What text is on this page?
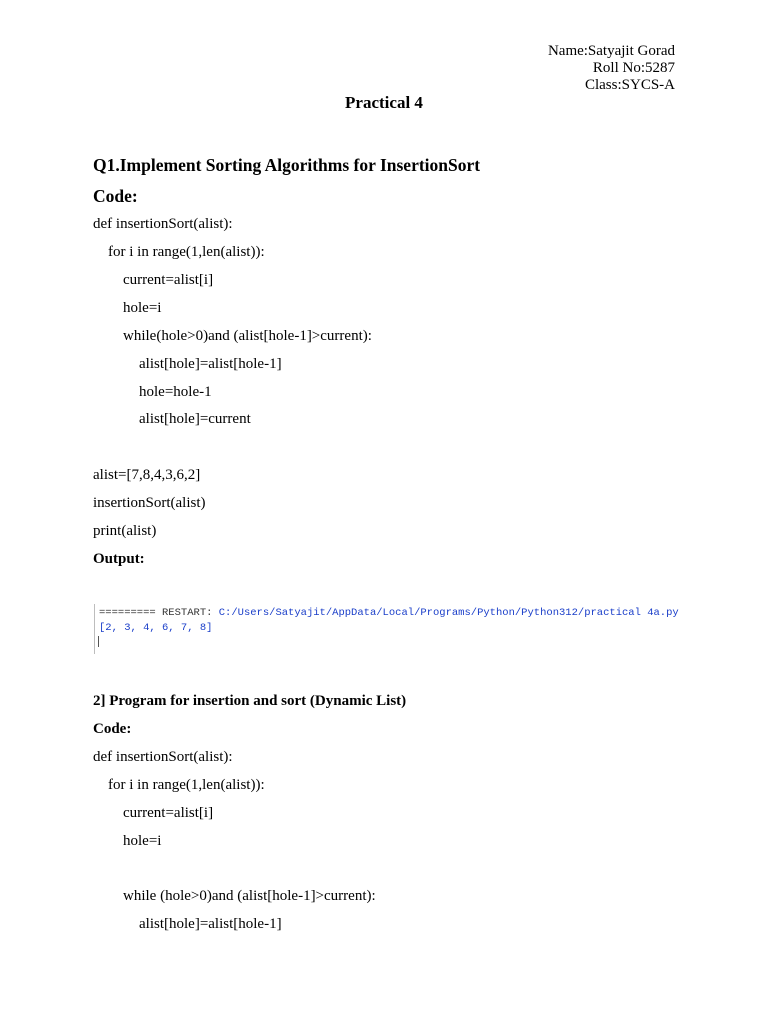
Name:Satyajit Gorad
Roll No:5287
Class:SYCS-A
Practical 4
Q1.Implement Sorting Algorithms for InsertionSort
Code:
def insertionSort(alist):
for i in range(1,len(alist)):
current=alist[i]
hole=i
while(hole>0)and (alist[hole-1]>current):
alist[hole]=alist[hole-1]
hole=hole-1
alist[hole]=current
alist=[7,8,4,3,6,2]
insertionSort(alist)
print(alist)
Output:
========= RESTART: C:/Users/Satyajit/AppData/Local/Programs/Python/Python312/practical 4a.py
[2, 3, 4, 6, 7, 8]
2] Program for insertion and sort (Dynamic List)
Code:
def insertionSort(alist):
for i in range(1,len(alist)):
current=alist[i]
hole=i
while (hole>0)and (alist[hole-1]>current):
alist[hole]=alist[hole-1]
